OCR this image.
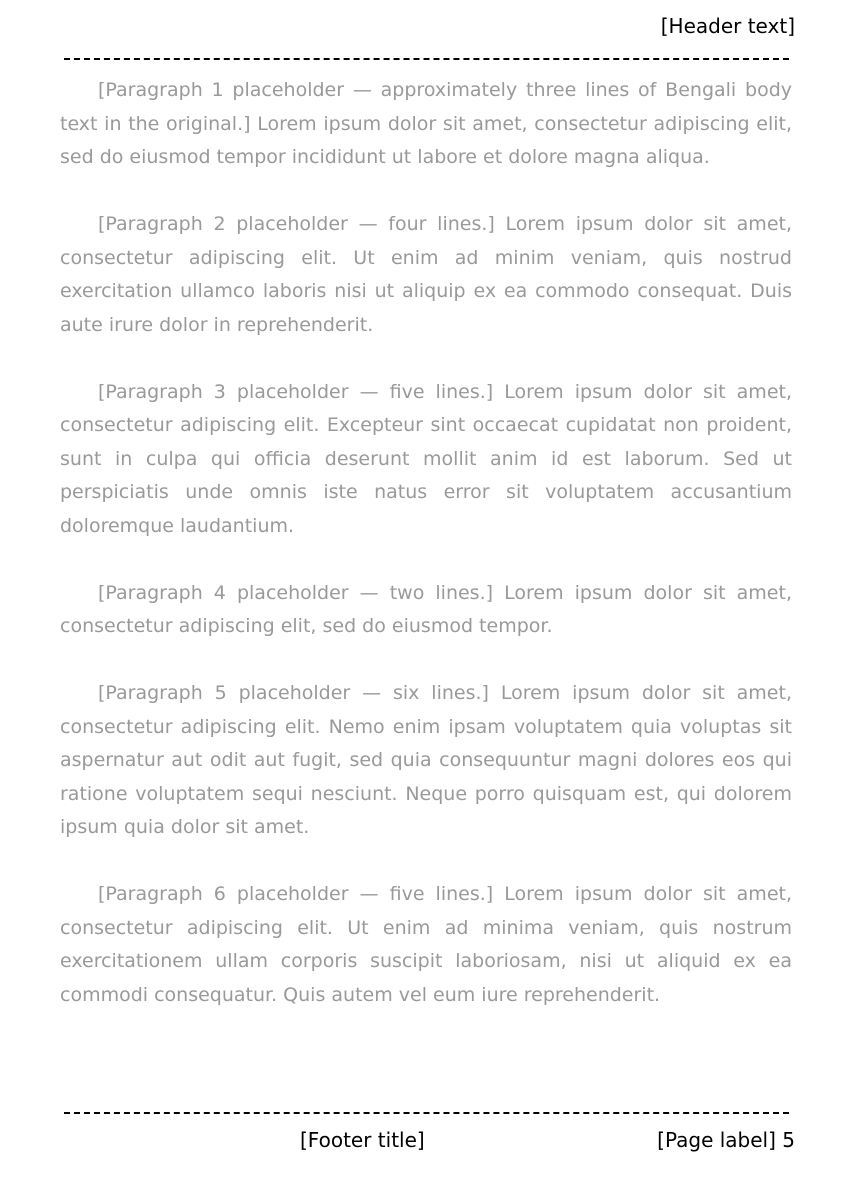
[Header text]

[Paragraph 1 placeholder — approximately three lines of Bengali body text in the original.] Lorem ipsum dolor sit amet, consectetur adipiscing elit, sed do eiusmod tempor incididunt ut labore et dolore magna aliqua.

[Paragraph 2 placeholder — four lines.] Lorem ipsum dolor sit amet, consectetur adipiscing elit. Ut enim ad minim veniam, quis nostrud exercitation ullamco laboris nisi ut aliquip ex ea commodo consequat. Duis aute irure dolor in reprehenderit.

[Paragraph 3 placeholder — five lines.] Lorem ipsum dolor sit amet, consectetur adipiscing elit. Excepteur sint occaecat cupidatat non proident, sunt in culpa qui officia deserunt mollit anim id est laborum. Sed ut perspiciatis unde omnis iste natus error sit voluptatem accusantium doloremque laudantium.

[Paragraph 4 placeholder — two lines.] Lorem ipsum dolor sit amet, consectetur adipiscing elit, sed do eiusmod tempor.

[Paragraph 5 placeholder — six lines.] Lorem ipsum dolor sit amet, consectetur adipiscing elit. Nemo enim ipsam voluptatem quia voluptas sit aspernatur aut odit aut fugit, sed quia consequuntur magni dolores eos qui ratione voluptatem sequi nesciunt. Neque porro quisquam est, qui dolorem ipsum quia dolor sit amet.

[Paragraph 6 placeholder — five lines.] Lorem ipsum dolor sit amet, consectetur adipiscing elit. Ut enim ad minima veniam, quis nostrum exercitationem ullam corporis suscipit laboriosam, nisi ut aliquid ex ea commodi consequatur. Quis autem vel eum iure reprehenderit.

[Footer title]	[Page label] 5
